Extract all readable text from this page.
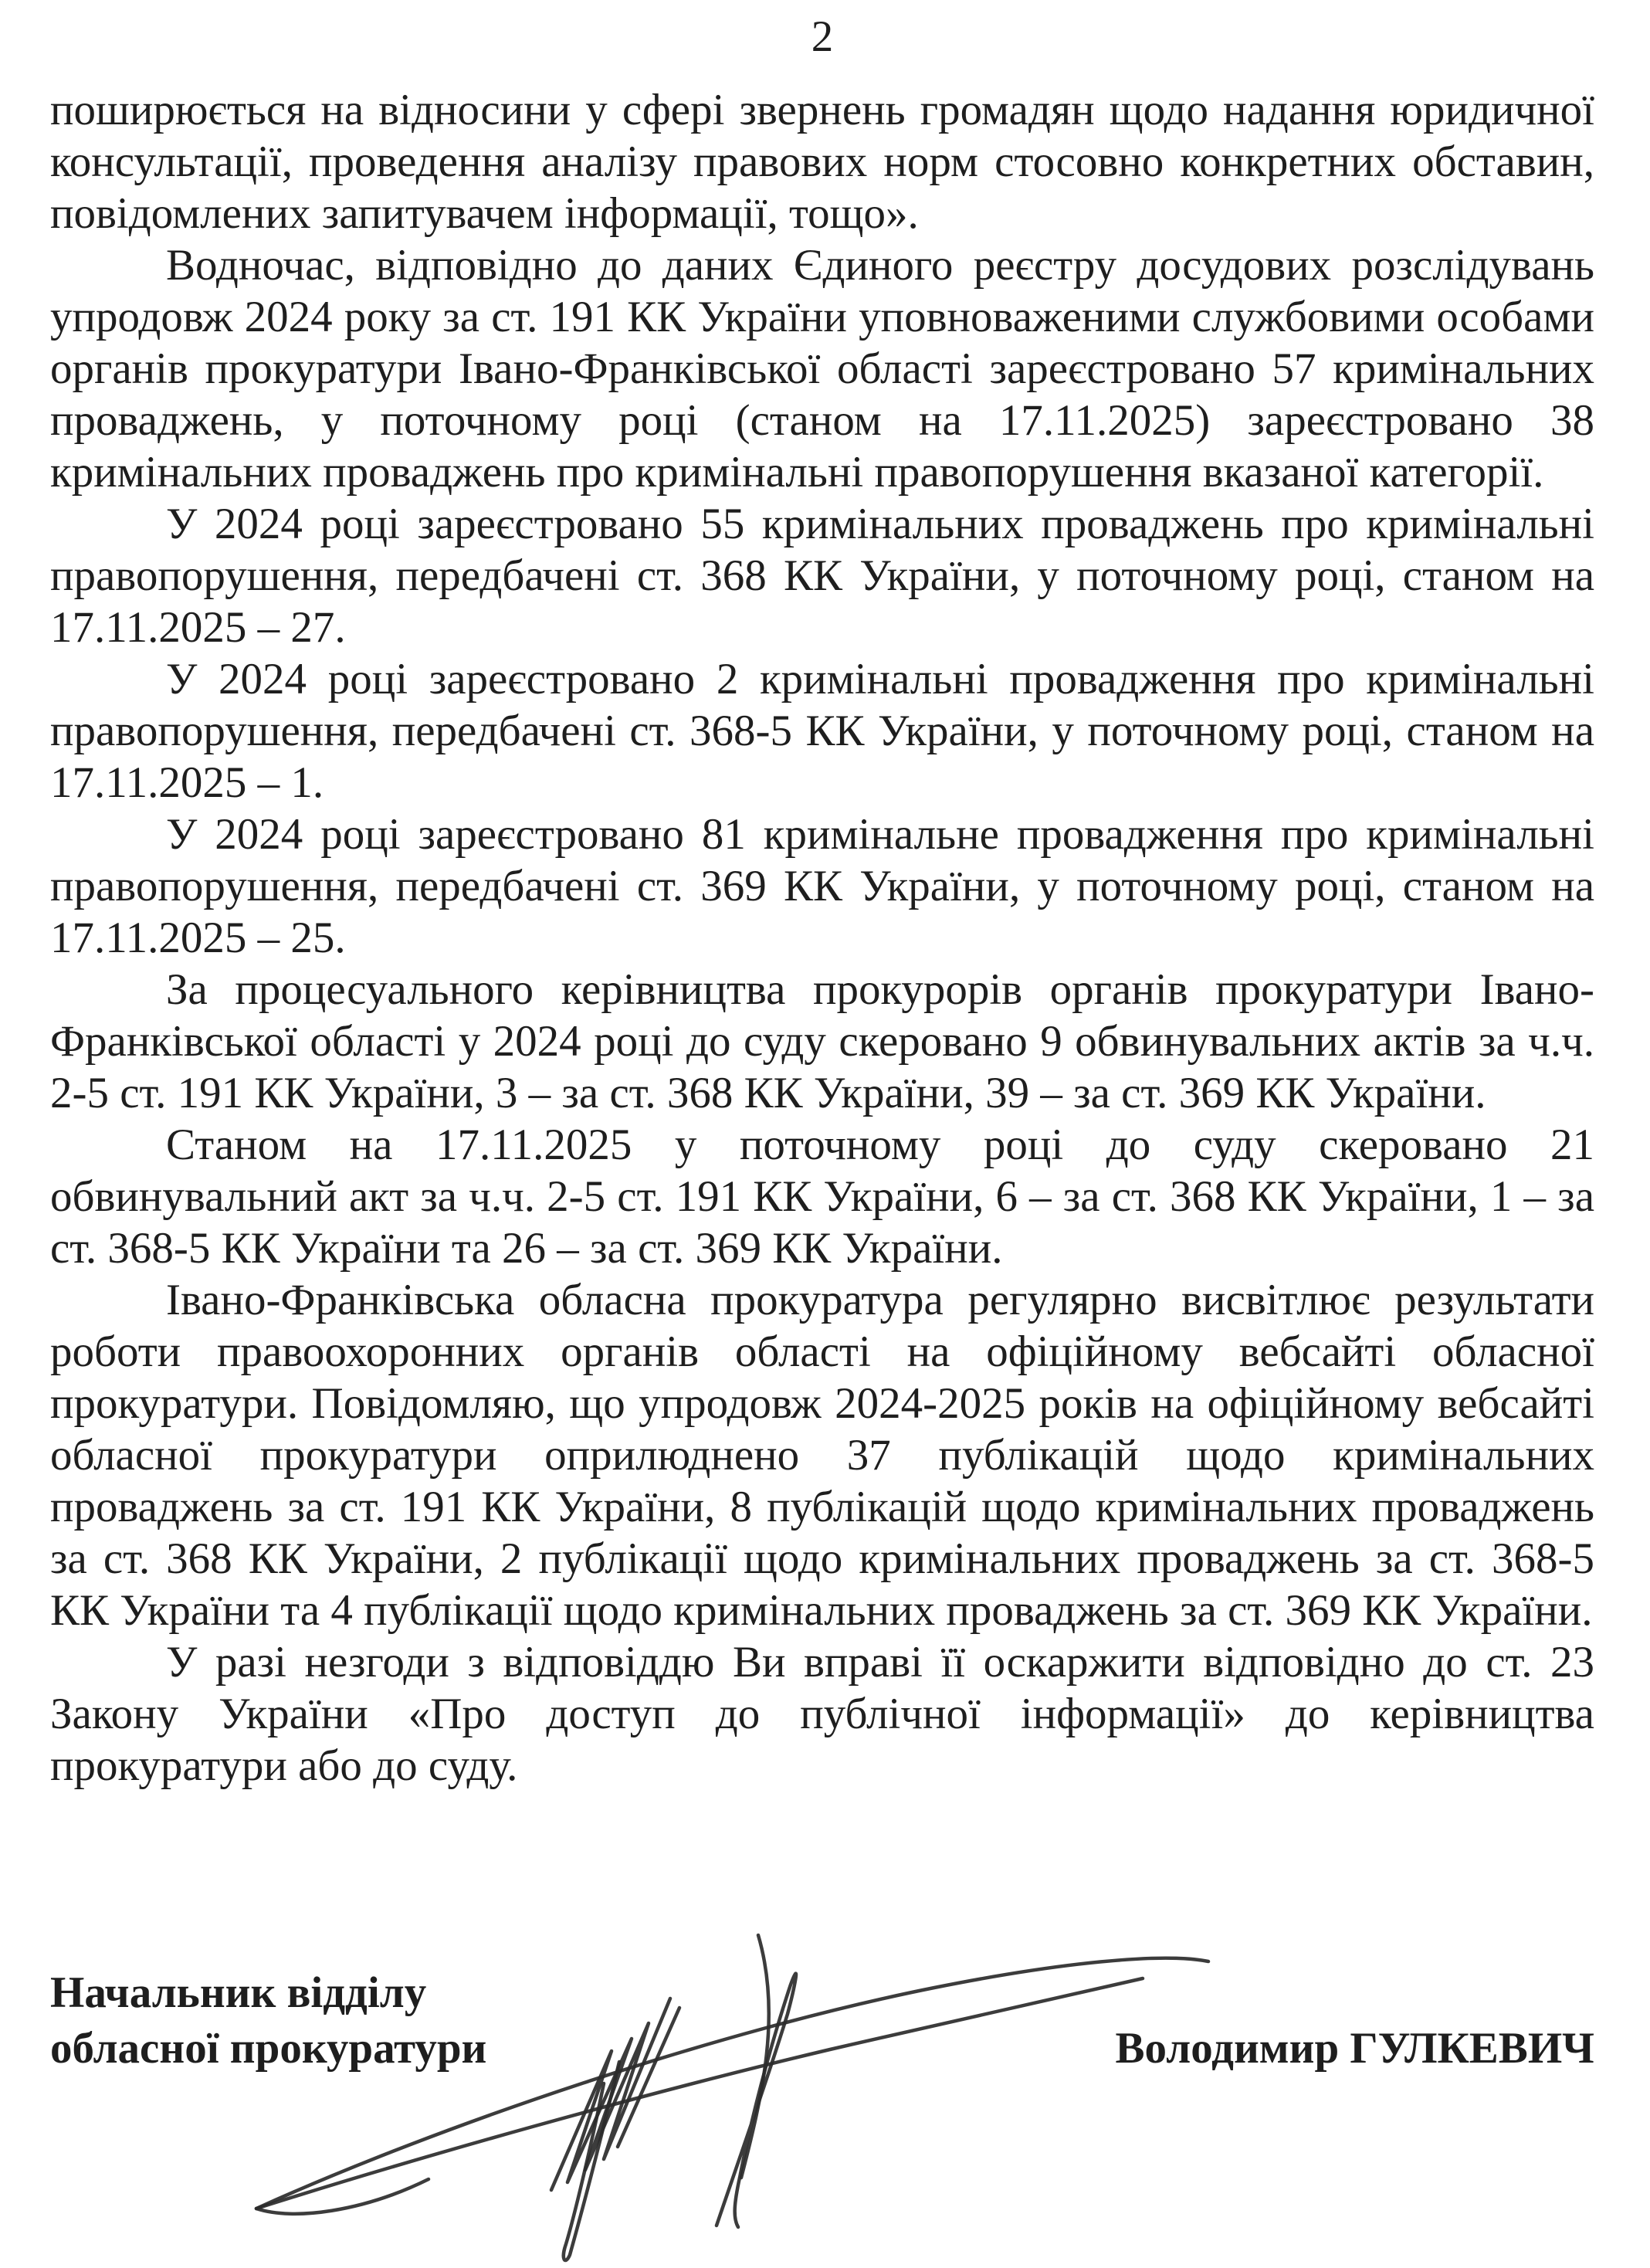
2

поширюється на відносини у сфері звернень громадян щодо надання юридичної консультації, проведення аналізу правових норм стосовно конкретних обставин, повідомлених запитувачем інформації, тощо».

Водночас, відповідно до даних Єдиного реєстру досудових розслідувань упродовж 2024 року за ст. 191 КК України уповноваженими службовими особами органів прокуратури Івано-Франківської області зареєстровано 57 кримінальних проваджень, у поточному році (станом на 17.11.2025) зареєстровано 38 кримінальних проваджень про кримінальні правопорушення вказаної категорії.

У 2024 році зареєстровано 55 кримінальних проваджень про кримінальні правопорушення, передбачені ст. 368 КК України, у поточному році, станом на 17.11.2025 – 27.

У 2024 році зареєстровано 2 кримінальні провадження про кримінальні правопорушення, передбачені ст. 368-5 КК України, у поточному році, станом на 17.11.2025 – 1.

У 2024 році зареєстровано 81 кримінальне провадження про кримінальні правопорушення, передбачені ст. 369 КК України, у поточному році, станом на 17.11.2025 – 25.

За процесуального керівництва прокурорів органів прокуратури Івано-Франківської області у 2024 році до суду скеровано 9 обвинувальних актів за ч.ч. 2-5 ст. 191 КК України, 3 – за ст. 368 КК України, 39 – за ст. 369 КК України.

Станом на 17.11.2025 у поточному році до суду скеровано 21 обвинувальний акт за ч.ч. 2-5 ст. 191 КК України, 6 – за ст. 368 КК України, 1 – за ст. 368-5 КК України та 26 – за ст. 369 КК України.

Івано-Франківська обласна прокуратура регулярно висвітлює результати роботи правоохоронних органів області на офіційному вебсайті обласної прокуратури. Повідомляю, що упродовж 2024-2025 років на офіційному вебсайті обласної прокуратури оприлюднено 37 публікацій щодо кримінальних проваджень за ст. 191 КК України, 8 публікацій щодо кримінальних проваджень за ст. 368 КК України, 2 публікації щодо кримінальних проваджень за ст. 368-5 КК України та 4 публікації щодо кримінальних проваджень за ст. 369 КК України.

У разі незгоди з відповіддю Ви вправі її оскаржити відповідно до ст. 23 Закону України «Про доступ до публічної інформації» до керівництва прокуратури або до суду.

Начальник відділу
обласної прокуратури	Володимир ГУЛКЕВИЧ
